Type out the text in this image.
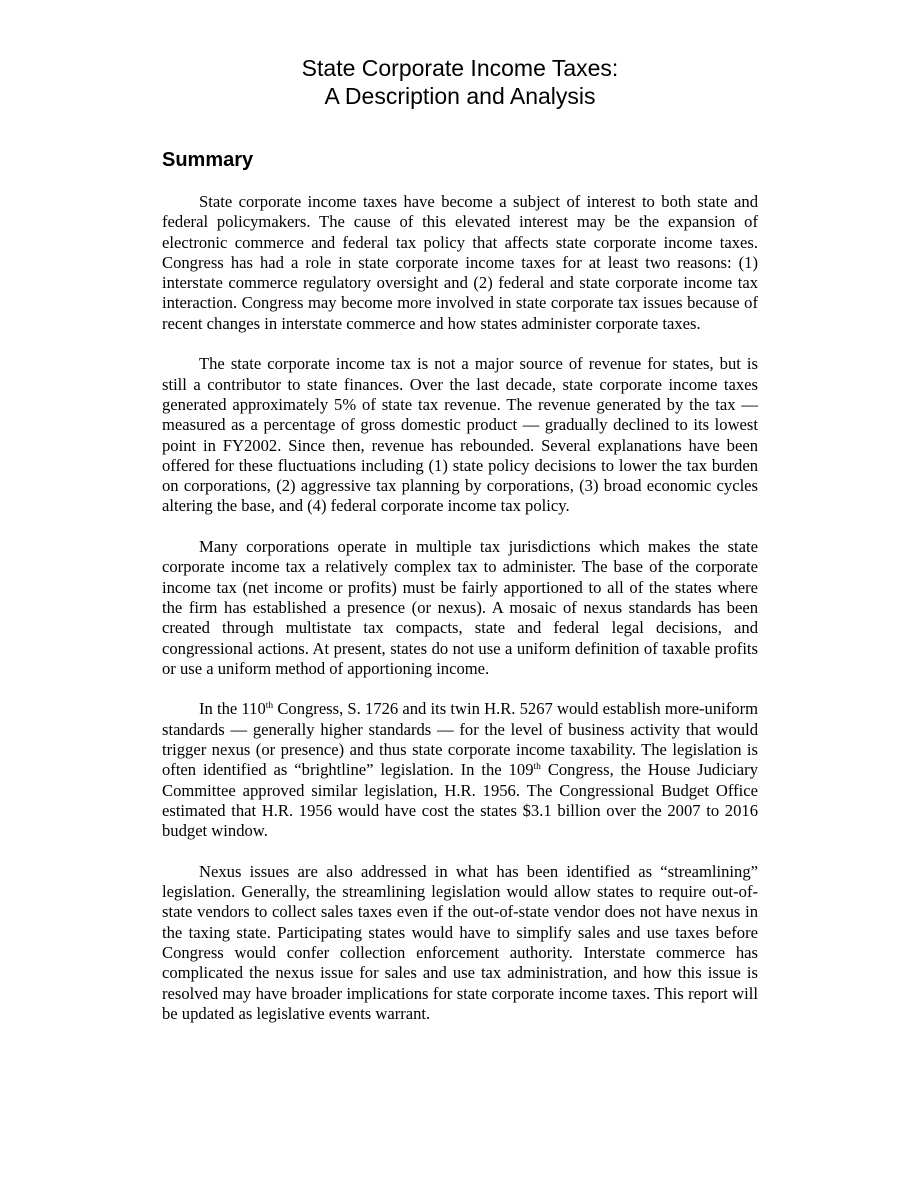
State Corporate Income Taxes:
A Description and Analysis
Summary

State corporate income taxes have become a subject of interest to both state and federal policymakers. The cause of this elevated interest may be the expansion of electronic commerce and federal tax policy that affects state corporate income taxes. Congress has had a role in state corporate income taxes for at least two reasons: (1) interstate commerce regulatory oversight and (2) federal and state corporate income tax interaction. Congress may become more involved in state corporate tax issues because of recent changes in interstate commerce and how states administer corporate taxes.

The state corporate income tax is not a major source of revenue for states, but is still a contributor to state finances. Over the last decade, state corporate income taxes generated approximately 5% of state tax revenue. The revenue generated by the tax — measured as a percentage of gross domestic product — gradually declined to its lowest point in FY2002. Since then, revenue has rebounded. Several explanations have been offered for these fluctuations including (1) state policy decisions to lower the tax burden on corporations, (2) aggressive tax planning by corporations, (3) broad economic cycles altering the base, and (4) federal corporate income tax policy.

Many corporations operate in multiple tax jurisdictions which makes the state corporate income tax a relatively complex tax to administer. The base of the corporate income tax (net income or profits) must be fairly apportioned to all of the states where the firm has established a presence (or nexus). A mosaic of nexus standards has been created through multistate tax compacts, state and federal legal decisions, and congressional actions. At present, states do not use a uniform definition of taxable profits or use a uniform method of apportioning income.

In the 110th Congress, S. 1726 and its twin H.R. 5267 would establish more-uniform standards — generally higher standards — for the level of business activity that would trigger nexus (or presence) and thus state corporate income taxability. The legislation is often identified as “brightline” legislation. In the 109th Congress, the House Judiciary Committee approved similar legislation, H.R. 1956. The Congressional Budget Office estimated that H.R. 1956 would have cost the states $3.1 billion over the 2007 to 2016 budget window.

Nexus issues are also addressed in what has been identified as “streamlining” legislation. Generally, the streamlining legislation would allow states to require out-of-state vendors to collect sales taxes even if the out-of-state vendor does not have nexus in the taxing state. Participating states would have to simplify sales and use taxes before Congress would confer collection enforcement authority. Interstate commerce has complicated the nexus issue for sales and use tax administration, and how this issue is resolved may have broader implications for state corporate income taxes. This report will be updated as legislative events warrant.
